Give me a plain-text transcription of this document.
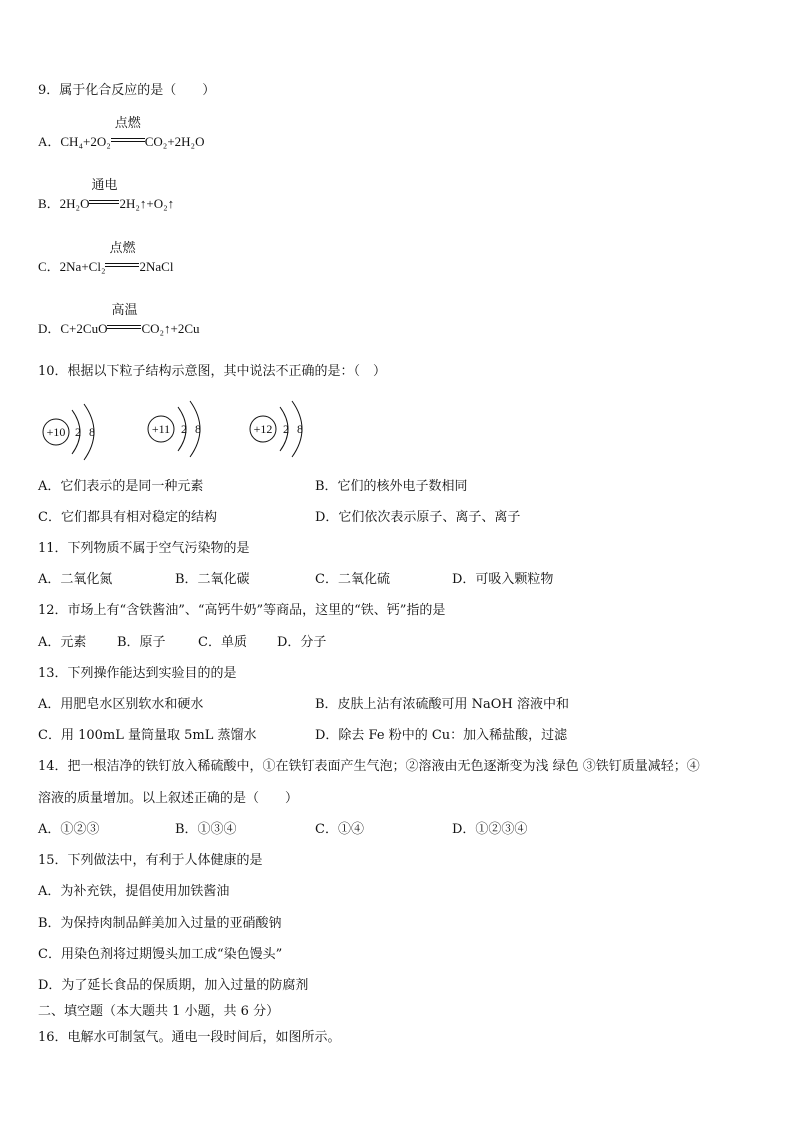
9．属于化合反应的是（　　）
A．CH₄+2O₂
点燃
CO₂+2H₂O
B．2H₂O
通电
2H₂↑+O₂↑
C．2Na+Cl₂
点燃
2NaCl
D．C+2CuO
高温
CO₂↑+2Cu
10．根据以下粒子结构示意图，其中说法不正确的是：（　）
+10 2 8	+11 2 8	+12 2 8
A．它们表示的是同一种元素	B．它们的核外电子数相同
C．它们都具有相对稳定的结构	D．它们依次表示原子、离子、离子
11．下列物质不属于空气污染物的是
A．二氧化氮	B．二氧化碳	C．二氧化硫	D．可吸入颗粒物
12．市场上有“含铁酱油”、“高钙牛奶”等商品，这里的“铁、钙”指的是
A．元素 B．原子 C．单质 D．分子
13．下列操作能达到实验目的的是
A．用肥皂水区别软水和硬水	B．皮肤上沾有浓硫酸可用 NaOH 溶液中和
C．用 100mL 量筒量取 5mL 蒸馏水	D．除去 Fe 粉中的 Cu：加入稀盐酸，过滤
14．把一根洁净的铁钉放入稀硫酸中，①在铁钉表面产生气泡；②溶液由无色逐渐变为浅 绿色 ③铁钉质量减轻；④
溶液的质量增加。以上叙述正确的是（　　）
A．①②③	B．①③④	C．①④	D．①②③④
15．下列做法中，有利于人体健康的是
A．为补充铁，提倡使用加铁酱油
B．为保持肉制品鲜美加入过量的亚硝酸钠
C．用染色剂将过期馒头加工成“染色馒头”
D．为了延长食品的保质期，加入过量的防腐剂
二、填空题（本大题共 1 小题，共 6 分）
16．电解水可制氢气。通电一段时间后，如图所示。
